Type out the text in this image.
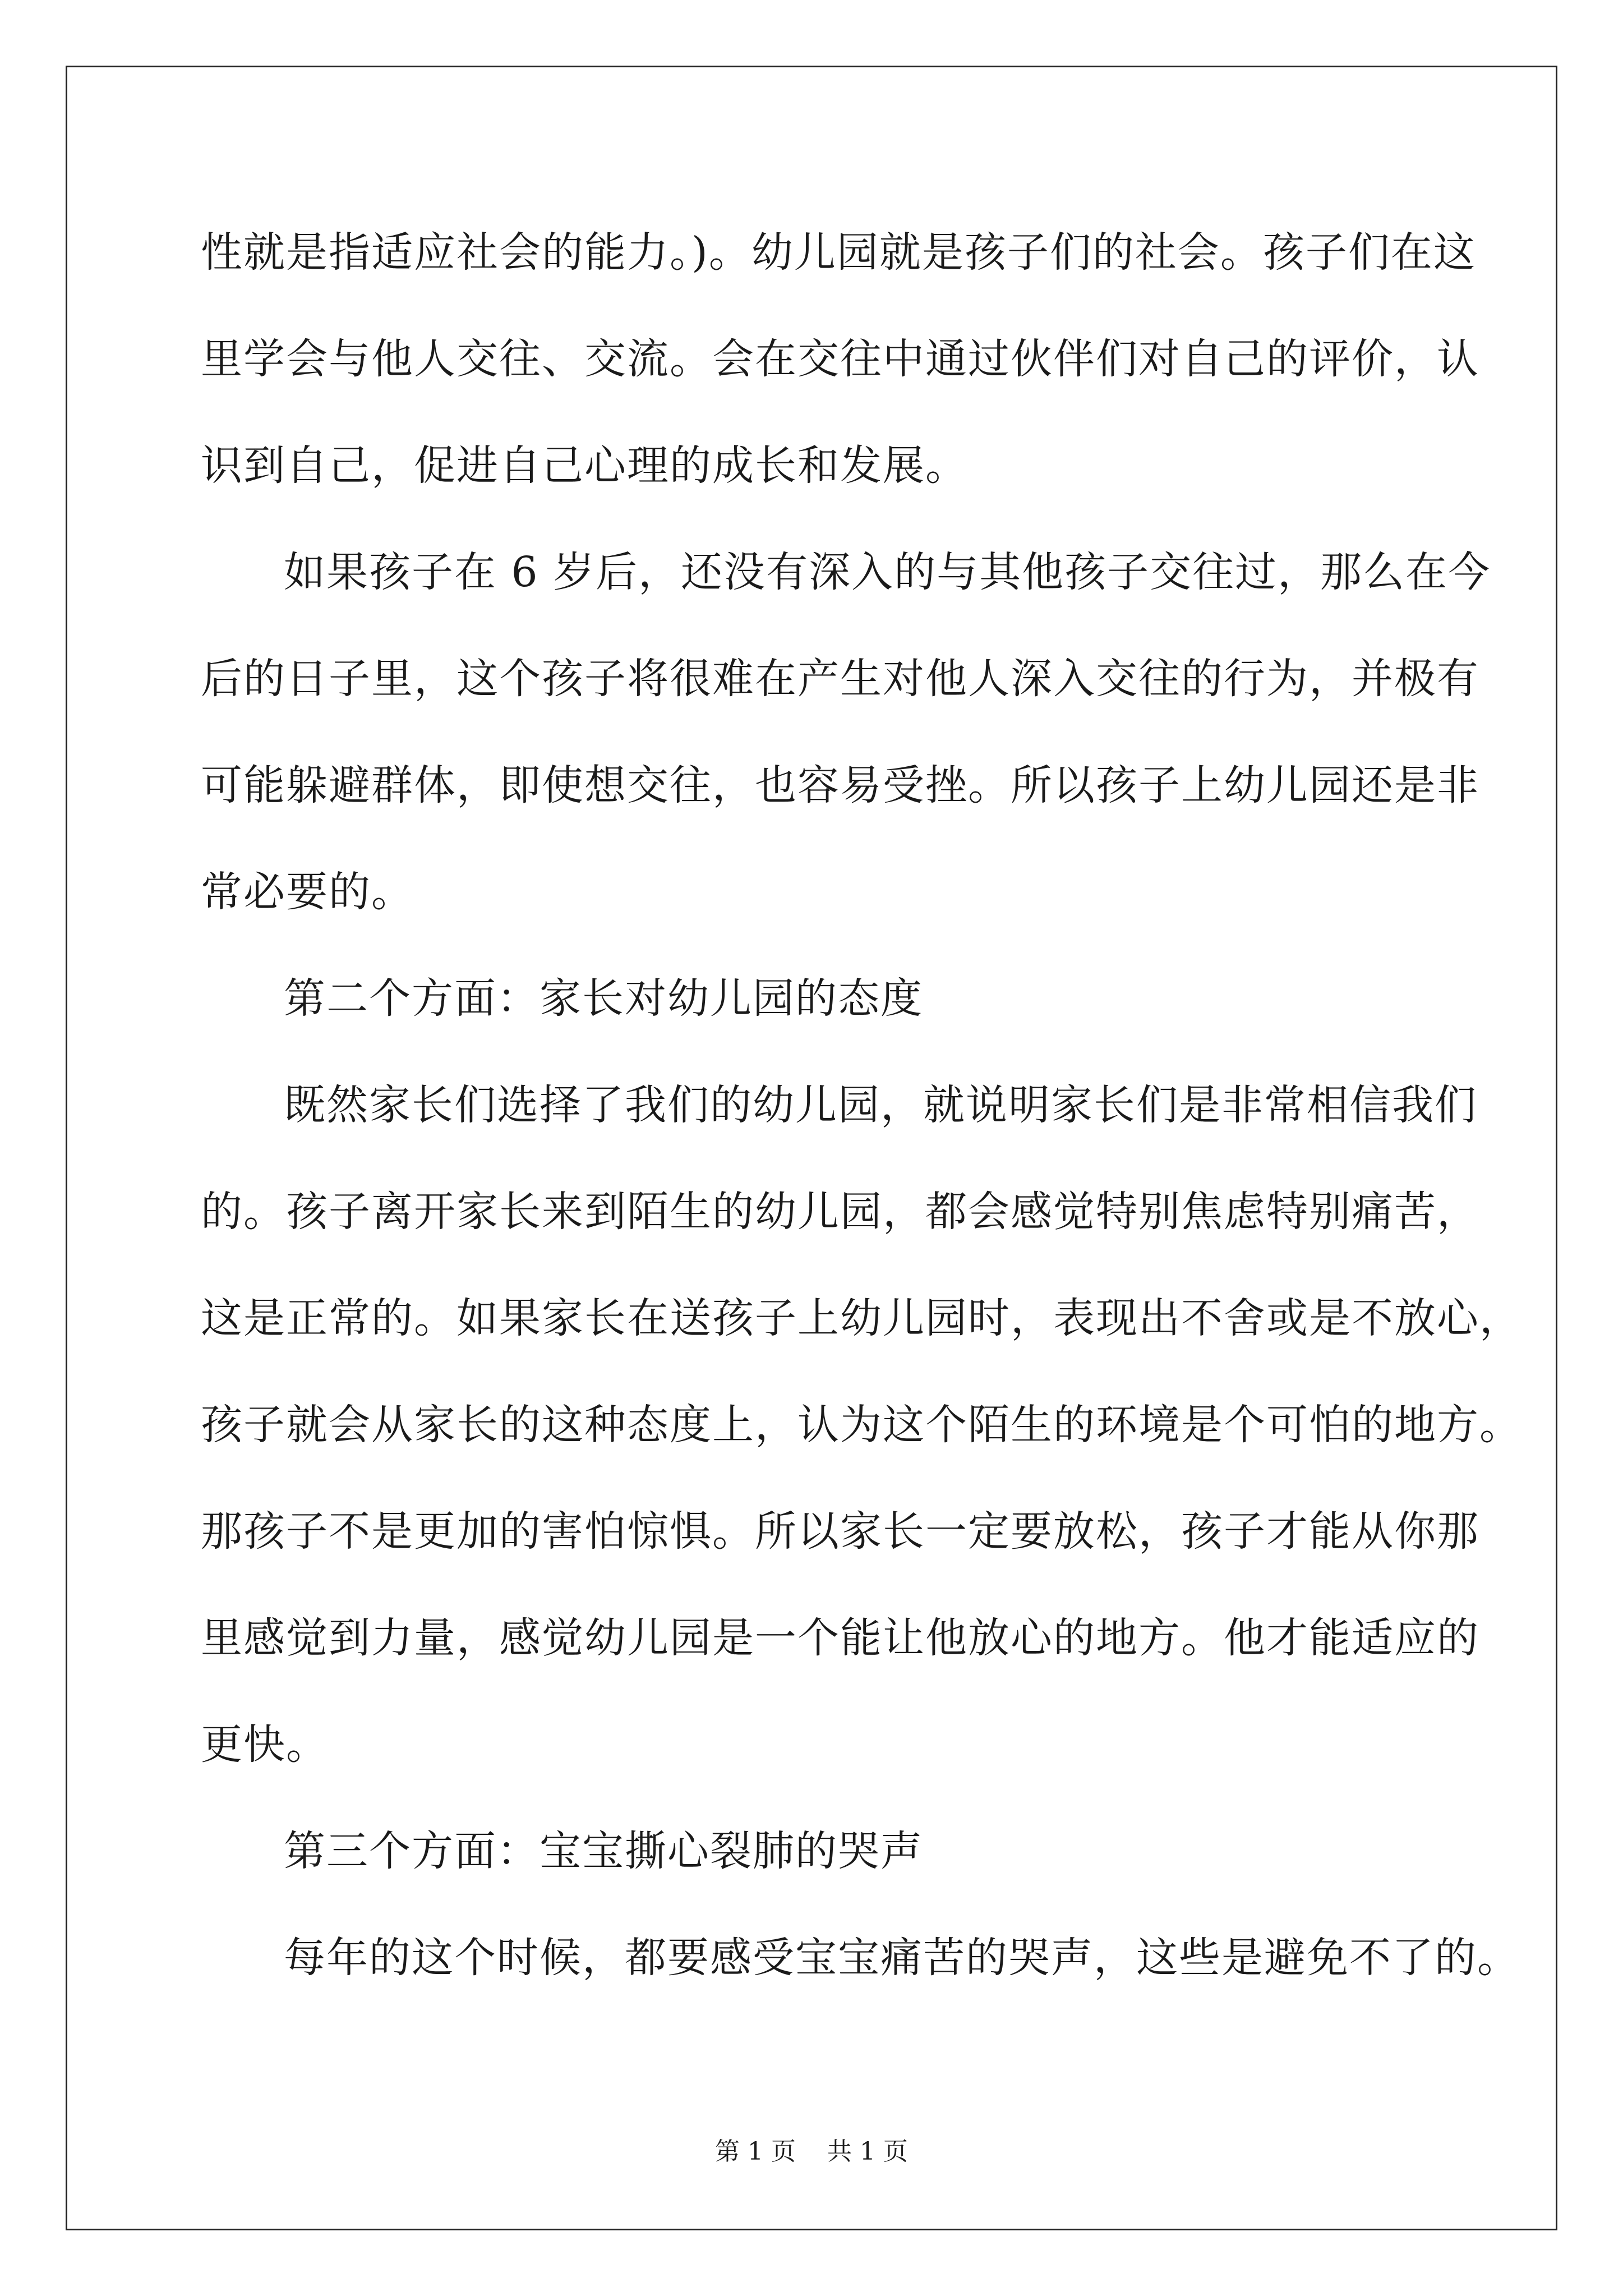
性就是指适应社会的能力。)。幼儿园就是孩子们的社会。孩子们在这
里学会与他人交往、交流。会在交往中通过伙伴们对自己的评价，认
识到自己，促进自己心理的成长和发展。
如果孩子在 6 岁后，还没有深入的与其他孩子交往过，那么在今
后的日子里，这个孩子将很难在产生对他人深入交往的行为，并极有
可能躲避群体，即使想交往，也容易受挫。所以孩子上幼儿园还是非
常必要的。
第二个方面：家长对幼儿园的态度
既然家长们选择了我们的幼儿园，就说明家长们是非常相信我们
的。孩子离开家长来到陌生的幼儿园，都会感觉特别焦虑特别痛苦，
这是正常的。如果家长在送孩子上幼儿园时，表现出不舍或是不放心，
孩子就会从家长的这种态度上，认为这个陌生的环境是个可怕的地方。
那孩子不是更加的害怕惊惧。所以家长一定要放松，孩子才能从你那
里感觉到力量，感觉幼儿园是一个能让他放心的地方。他才能适应的
更快。
第三个方面：宝宝撕心裂肺的哭声
每年的这个时候，都要感受宝宝痛苦的哭声，这些是避免不了的。
第 1 页    共 1 页
